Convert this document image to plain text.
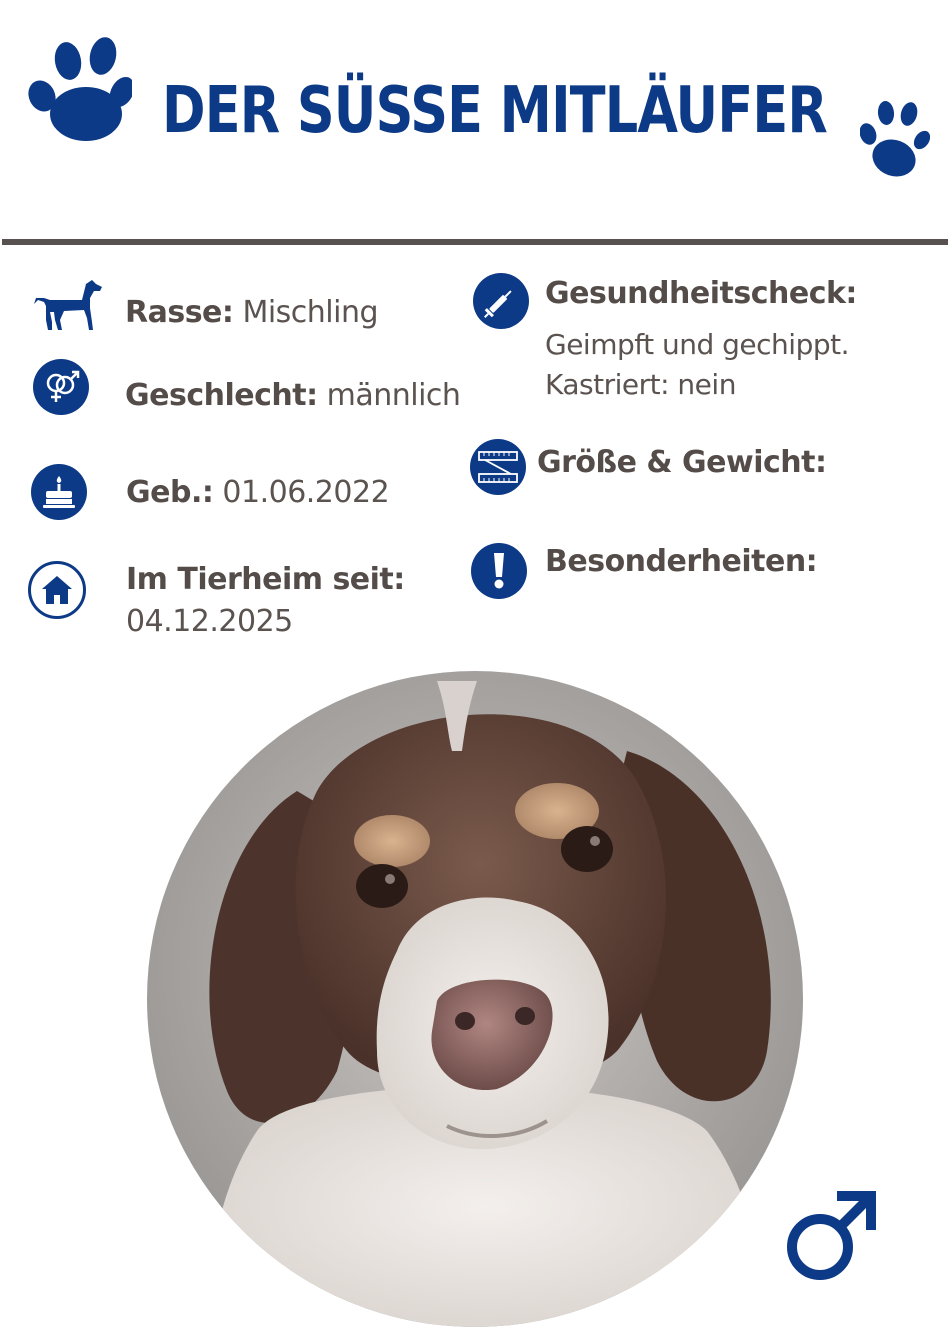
DER SÜSSE MITLÄUFER
Rasse: Mischling
Geschlecht: männlich
Geb.: 01.06.2022
Im Tierheim seit:
04.12.2025
Gesundheitscheck:
Geimpft und gechippt.
Kastriert: nein
Größe & Gewicht:
Besonderheiten:
